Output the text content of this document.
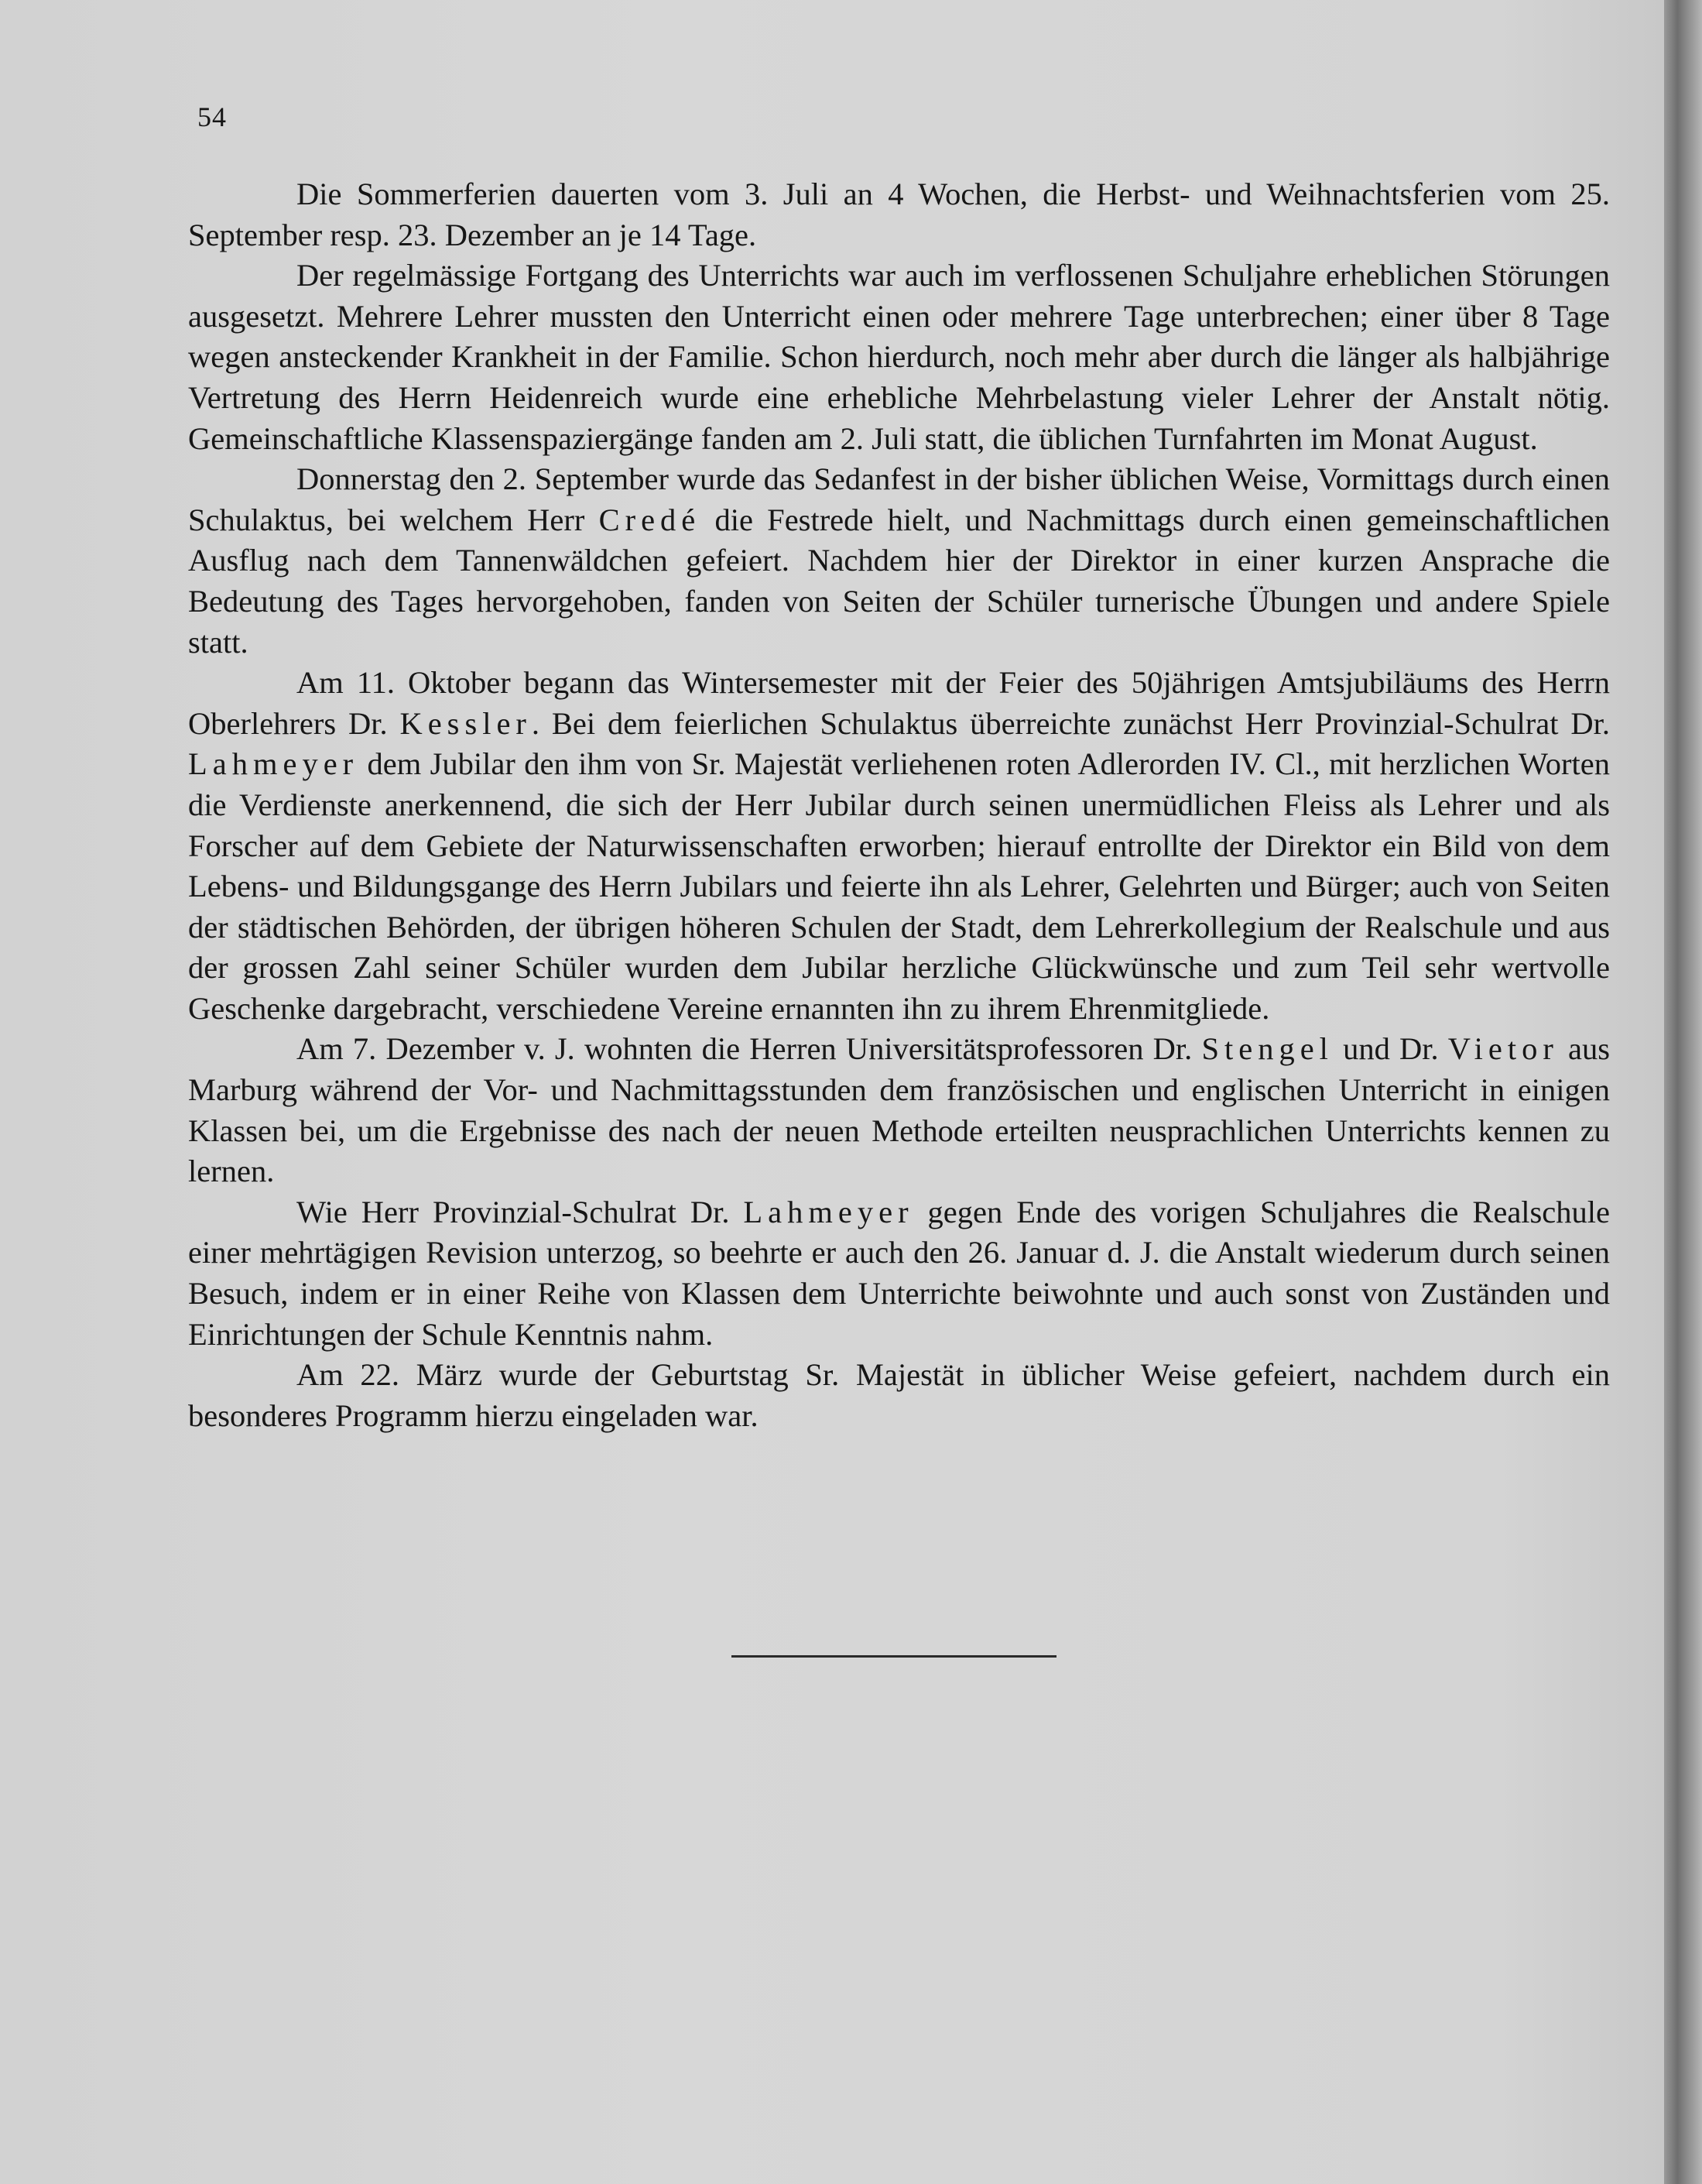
54

Die Sommerferien dauerten vom 3. Juli an 4 Wochen, die Herbst- und Weihnachtsferien vom 25. September resp. 23. Dezember an je 14 Tage.

Der regelmässige Fortgang des Unterrichts war auch im verflossenen Schuljahre erheblichen Störungen ausgesetzt. Mehrere Lehrer mussten den Unterricht einen oder mehrere Tage unterbrechen; einer über 8 Tage wegen ansteckender Krankheit in der Familie. Schon hierdurch, noch mehr aber durch die länger als halbjährige Vertretung des Herrn Heidenreich wurde eine erhebliche Mehrbelastung vieler Lehrer der Anstalt nötig. Gemeinschaftliche Klassenspaziergänge fanden am 2. Juli statt, die üblichen Turnfahrten im Monat August.

Donnerstag den 2. September wurde das Sedanfest in der bisher üblichen Weise, Vormittags durch einen Schulaktus, bei welchem Herr Credé die Festrede hielt, und Nachmittags durch einen gemeinschaftlichen Ausflug nach dem Tannenwäldchen gefeiert. Nachdem hier der Direktor in einer kurzen Ansprache die Bedeutung des Tages hervorgehoben, fanden von Seiten der Schüler turnerische Übungen und andere Spiele statt.

Am 11. Oktober begann das Wintersemester mit der Feier des 50jährigen Amtsjubiläums des Herrn Oberlehrers Dr. Kessler. Bei dem feierlichen Schulaktus überreichte zunächst Herr Provinzial-Schulrat Dr. Lahmeyer dem Jubilar den ihm von Sr. Majestät verliehenen roten Adlerorden IV. Cl., mit herzlichen Worten die Verdienste anerkennend, die sich der Herr Jubilar durch seinen unermüdlichen Fleiss als Lehrer und als Forscher auf dem Gebiete der Naturwissenschaften erworben; hierauf entrollte der Direktor ein Bild von dem Lebens- und Bildungsgange des Herrn Jubilars und feierte ihn als Lehrer, Gelehrten und Bürger; auch von Seiten der städtischen Behörden, der übrigen höheren Schulen der Stadt, dem Lehrerkollegium der Realschule und aus der grossen Zahl seiner Schüler wurden dem Jubilar herzliche Glückwünsche und zum Teil sehr wertvolle Geschenke dargebracht, verschiedene Vereine ernannten ihn zu ihrem Ehrenmitgliede.

Am 7. Dezember v. J. wohnten die Herren Universitätsprofessoren Dr. Stengel und Dr. Vietor aus Marburg während der Vor- und Nachmittagsstunden dem französischen und englischen Unterricht in einigen Klassen bei, um die Ergebnisse des nach der neuen Methode erteilten neusprachlichen Unterrichts kennen zu lernen.

Wie Herr Provinzial-Schulrat Dr. Lahmeyer gegen Ende des vorigen Schuljahres die Realschule einer mehrtägigen Revision unterzog, so beehrte er auch den 26. Januar d. J. die Anstalt wiederum durch seinen Besuch, indem er in einer Reihe von Klassen dem Unterrichte beiwohnte und auch sonst von Zuständen und Einrichtungen der Schule Kenntnis nahm.

Am 22. März wurde der Geburtstag Sr. Majestät in üblicher Weise gefeiert, nachdem durch ein besonderes Programm hierzu eingeladen war.
